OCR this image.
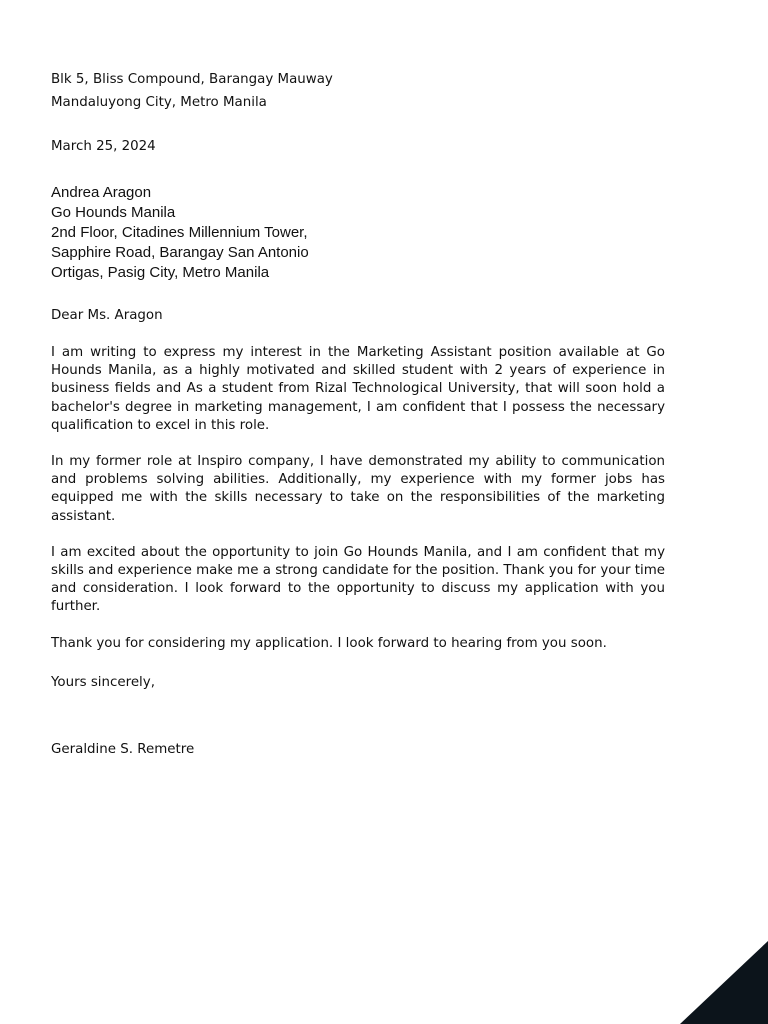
Blk 5, Bliss Compound, Barangay Mauway
Mandaluyong City, Metro Manila
March 25, 2024
Andrea Aragon
Go Hounds Manila
2nd Floor, Citadines Millennium Tower,
Sapphire Road, Barangay San Antonio
Ortigas, Pasig City, Metro Manila
Dear Ms. Aragon
I am writing to express my interest in the Marketing Assistant position available at Go Hounds Manila, as a highly motivated and skilled student with 2 years of experience in business fields and As a student from Rizal Technological University, that will soon hold a bachelor's degree in marketing management, I am confident that I possess the necessary qualification to excel in this role.
In my former role at Inspiro company, I have demonstrated my ability to communication and problems solving abilities. Additionally, my experience with my former jobs has equipped me with the skills necessary to take on the responsibilities of the marketing assistant.
I am excited about the opportunity to join Go Hounds Manila, and I am confident that my skills and experience make me a strong candidate for the position. Thank you for your time and consideration. I look forward to the opportunity to discuss my application with you further.
Thank you for considering my application. I look forward to hearing from you soon.
Yours sincerely,
Geraldine S. Remetre
